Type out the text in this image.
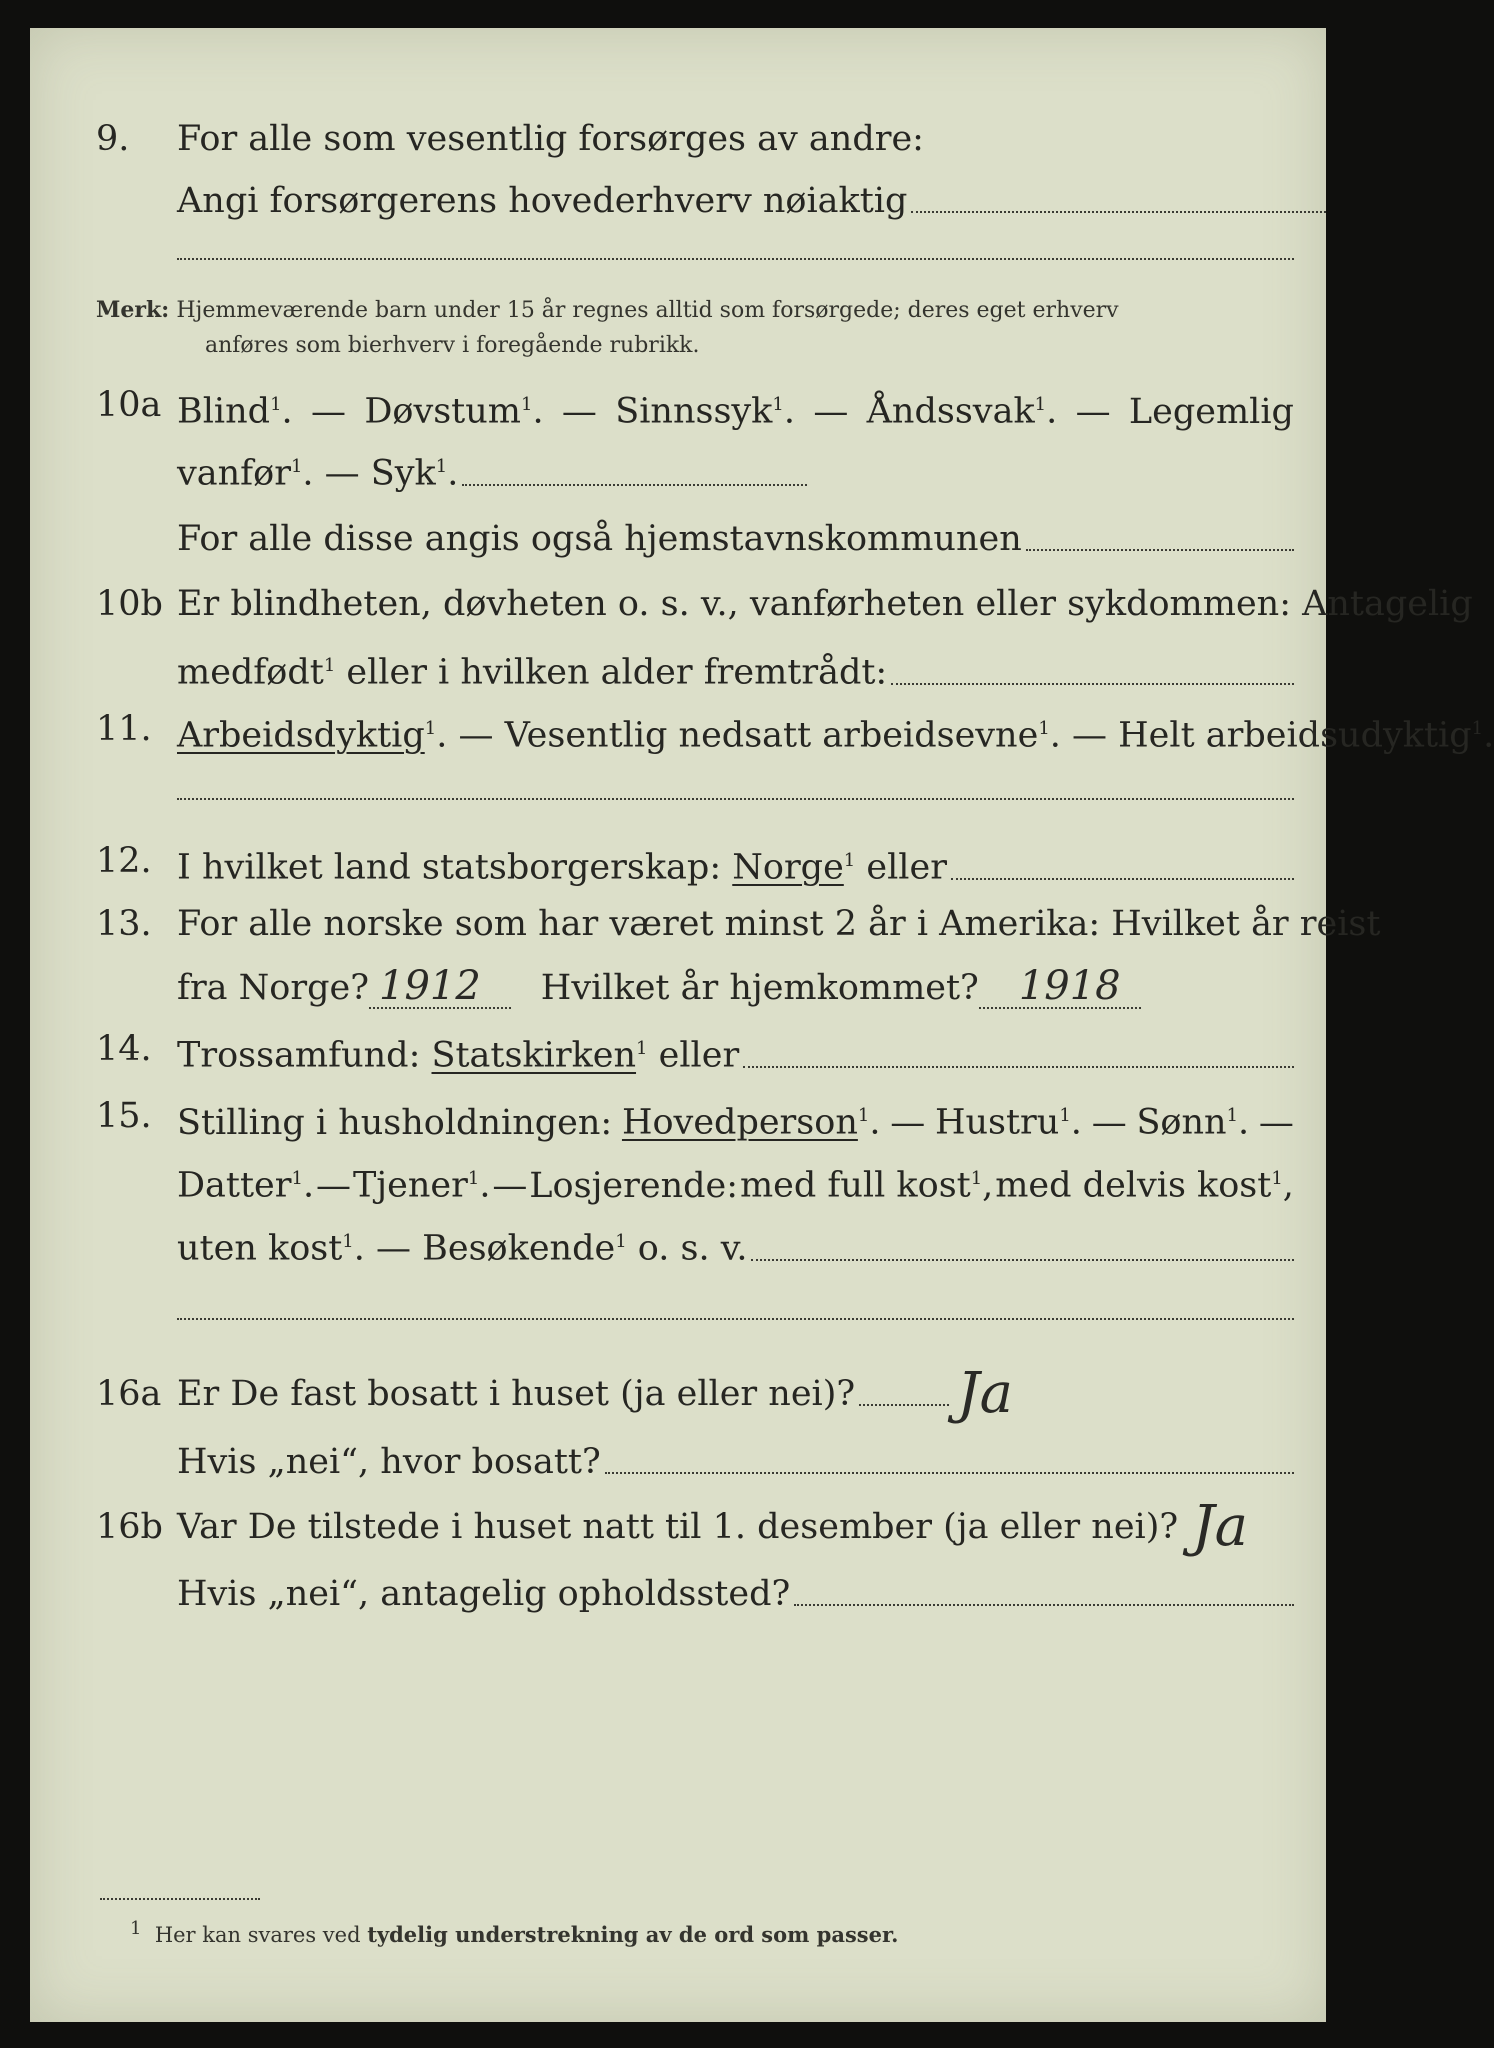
9. For alle som vesentlig forsørges av andre:
Angi forsørgerens hovederhverv nøiaktig
Merk: Hjemmeværende barn under 15 år regnes alltid som forsørgede; deres eget erhverv
anføres som bierhverv i foregående rubrikk.
10a Blind$^1$. — Døvstum$^1$. — Sinnssyk$^1$. — Åndssvak$^1$. — Legemlig
vanfør$^1$. — Syk$^1$.
For alle disse angis også hjemstavnskommunen
10b Er blindheten, døvheten o. s. v., vanførheten eller sykdommen: Antagelig
medfødt$^1$ eller i hvilken alder fremtrådt:
11. Arbeidsdyktig$^1$. — Vesentlig nedsatt arbeidsevne$^1$. — Helt arbeidsudyktig$^1$.
12. I hvilket land statsborgerskap: Norge$^1$ eller
13. For alle norske som har været minst 2 år i Amerika: Hvilket år reist
fra Norge? 1912	Hvilket år hjemkommet?	1918
14. Trossamfund: Statskirken$^1$ eller
15. Stilling i husholdningen: Hovedperson$^1$. — Hustru$^1$. — Sønn$^1$. —
Datter$^1$. — Tjener$^1$. — Losjerende: med full kost$^1$, med delvis kost$^1$,
uten kost$^1$. — Besøkende$^1$ o. s. v.
16a Er De fast bosatt i huset (ja eller nei)? Ja
Hvis „nei“, hvor bosatt?
16b Var De tilstede i huset natt til 1. desember (ja eller nei)? Ja
Hvis „nei“, antagelig opholdssted?
$^1$ Her kan svares ved tydelig understrekning av de ord som passer.
